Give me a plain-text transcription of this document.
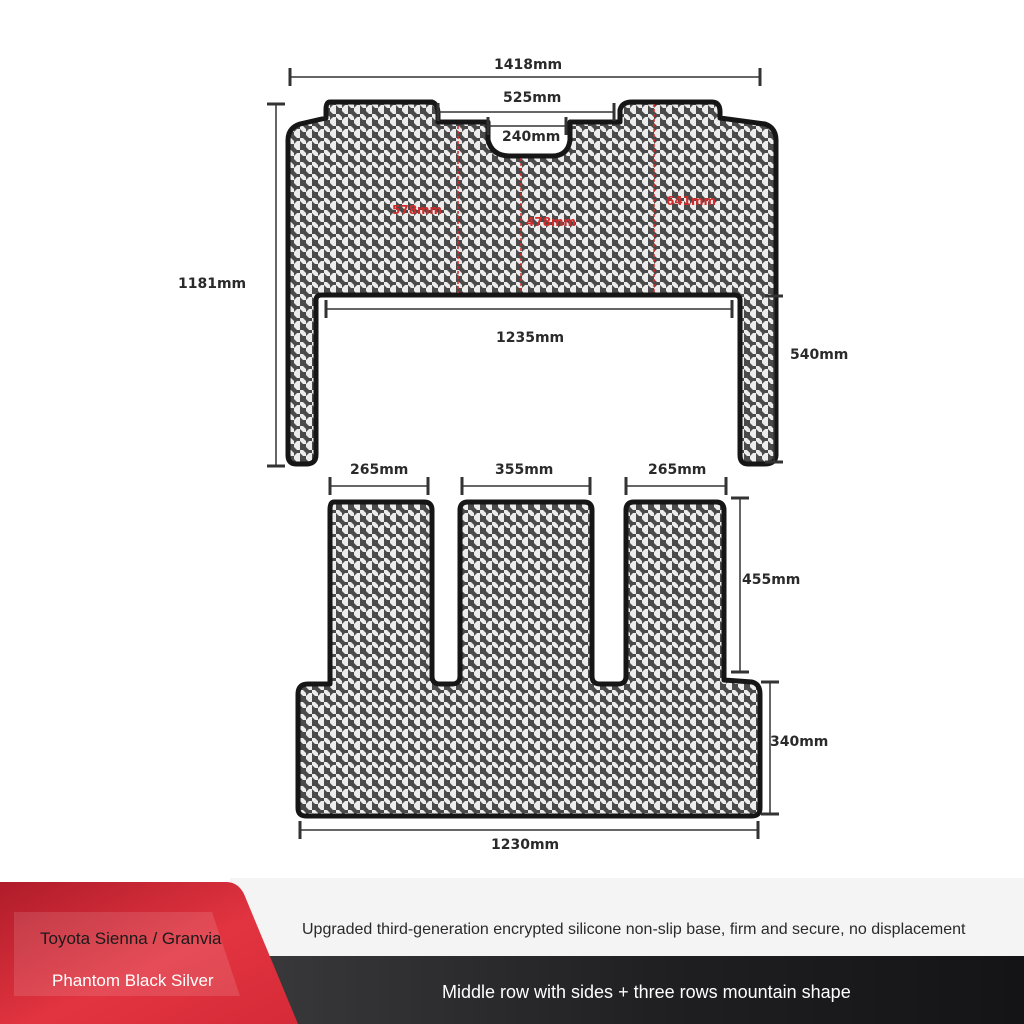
1418mm
525mm
240mm
1181mm
1235mm
540mm
265mm	355mm	265mm
455mm
340mm
1230mm
578mm
478mm
641mm
Toyota Sienna / Granvia
Phantom Black Silver
Upgraded third-generation encrypted silicone non-slip base, firm and secure, no displacement
Middle row with sides + three rows mountain shape
